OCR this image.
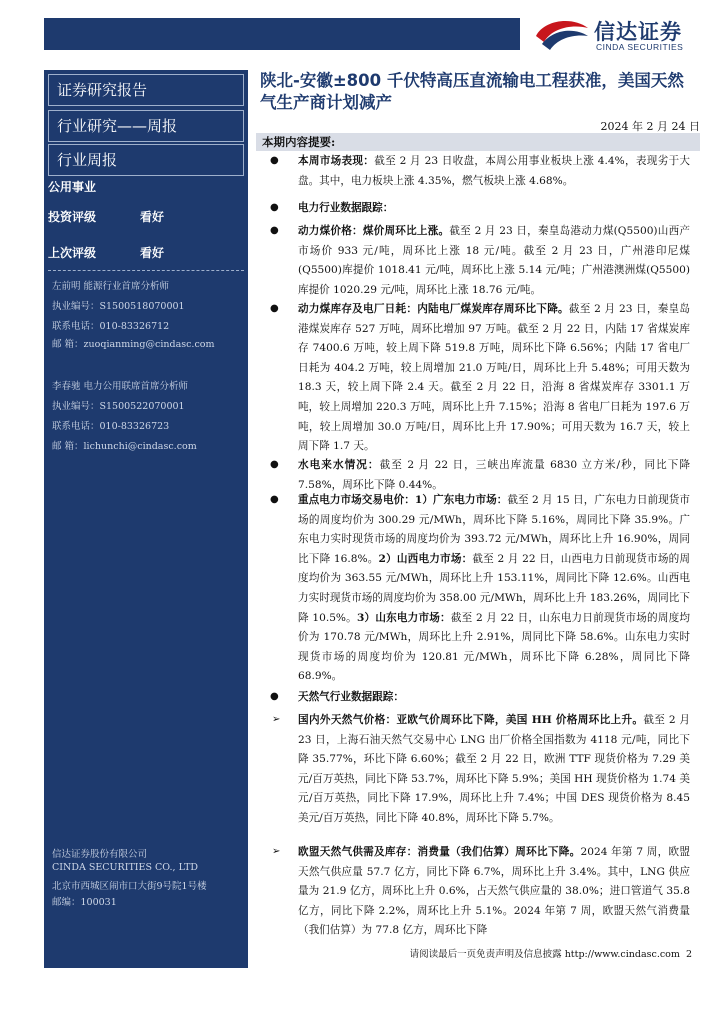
信达证券
CINDA SECURITIES
证券研究报告
行业研究——周报
行业周报
公用事业
投资评级	看好
上次评级	看好
左前明 能源行业首席分析师
执业编号：S1500518070001
联系电话：010-83326712
邮 箱：zuoqianming@cindasc.com
李春驰 电力公用联席首席分析师
执业编号：S1500522070001
联系电话：010-83326723
邮 箱：lichunchi@cindasc.com
信达证券股份有限公司
CINDA SECURITIES CO., LTD
北京市西城区闹市口大街9号院1号楼
邮编：100031
陕北-安徽±800 千伏特高压直流输电工程获准，美国天然气生产商计划减产
2024 年 2 月 24 日
本期内容提要:
● 本周市场表现：截至 2 月 23 日收盘，本周公用事业板块上涨 4.4%，表现劣于大盘。其中，电力板块上涨 4.35%，燃气板块上涨 4.68%。
● 电力行业数据跟踪：
● 动力煤价格：煤价周环比上涨。截至 2 月 23 日，秦皇岛港动力煤(Q5500)山西产市场价 933 元/吨，周环比上涨 18 元/吨。截至 2 月 23 日，广州港印尼煤(Q5500)库提价 1018.41 元/吨，周环比上涨 5.14 元/吨；广州港澳洲煤(Q5500)库提价 1020.29 元/吨，周环比上涨 18.76 元/吨。
● 动力煤库存及电厂日耗：内陆电厂煤炭库存周环比下降。截至 2 月 23 日，秦皇岛港煤炭库存 527 万吨，周环比增加 97 万吨。截至 2 月 22 日，内陆 17 省煤炭库存 7400.6 万吨，较上周下降 519.8 万吨，周环比下降 6.56%；内陆 17 省电厂日耗为 404.2 万吨，较上周增加 21.0 万吨/日，周环比上升 5.48%；可用天数为 18.3 天，较上周下降 2.4 天。截至 2 月 22 日，沿海 8 省煤炭库存 3301.1 万吨，较上周增加 220.3 万吨，周环比上升 7.15%；沿海 8 省电厂日耗为 197.6 万吨，较上周增加 30.0 万吨/日，周环比上升 17.90%；可用天数为 16.7 天，较上周下降 1.7 天。
● 水电来水情况：截至 2 月 22 日，三峡出库流量 6830 立方米/秒，同比下降 7.58%，周环比下降 0.44%。
● 重点电力市场交易电价：1）广东电力市场：截至 2 月 15 日，广东电力日前现货市场的周度均价为 300.29 元/MWh，周环比下降 5.16%，周同比下降 35.9%。广东电力实时现货市场的周度均价为 393.72 元/MWh，周环比上升 16.90%，周同比下降 16.8%。2）山西电力市场：截至 2 月 22 日，山西电力日前现货市场的周度均价为 363.55 元/MWh，周环比上升 153.11%，周同比下降 12.6%。山西电力实时现货市场的周度均价为 358.00 元/MWh，周环比上升 183.26%，周同比下降 10.5%。3）山东电力市场：截至 2 月 22 日，山东电力日前现货市场的周度均价为 170.78 元/MWh，周环比上升 2.91%，周同比下降 58.6%。山东电力实时现货市场的周度均价为 120.81 元/MWh，周环比下降 6.28%，周同比下降 68.9%。
● 天然气行业数据跟踪：
➢ 国内外天然气价格：亚欧气价周环比下降，美国 HH 价格周环比上升。截至 2 月 23 日，上海石油天然气交易中心 LNG 出厂价格全国指数为 4118 元/吨，同比下降 35.77%，环比下降 6.60%；截至 2 月 22 日，欧洲 TTF 现货价格为 7.29 美元/百万英热，同比下降 53.7%，周环比下降 5.9%；美国 HH 现货价格为 1.74 美元/百万英热，同比下降 17.9%，周环比上升 7.4%；中国 DES 现货价格为 8.45 美元/百万英热，同比下降 40.8%，周环比下降 5.7%。
➢ 欧盟天然气供需及库存：消费量（我们估算）周环比下降。2024 年第 7 周，欧盟天然气供应量 57.7 亿方，同比下降 6.7%，周环比上升 3.4%。其中，LNG 供应量为 21.9 亿方，周环比上升 0.6%，占天然气供应量的 38.0%；进口管道气 35.8 亿方，同比下降 2.2%，周环比上升 5.1%。2024 年第 7 周，欧盟天然气消费量（我们估算）为 77.8 亿方，周环比下降
请阅读最后一页免责声明及信息披露 http://www.cindasc.com 2
